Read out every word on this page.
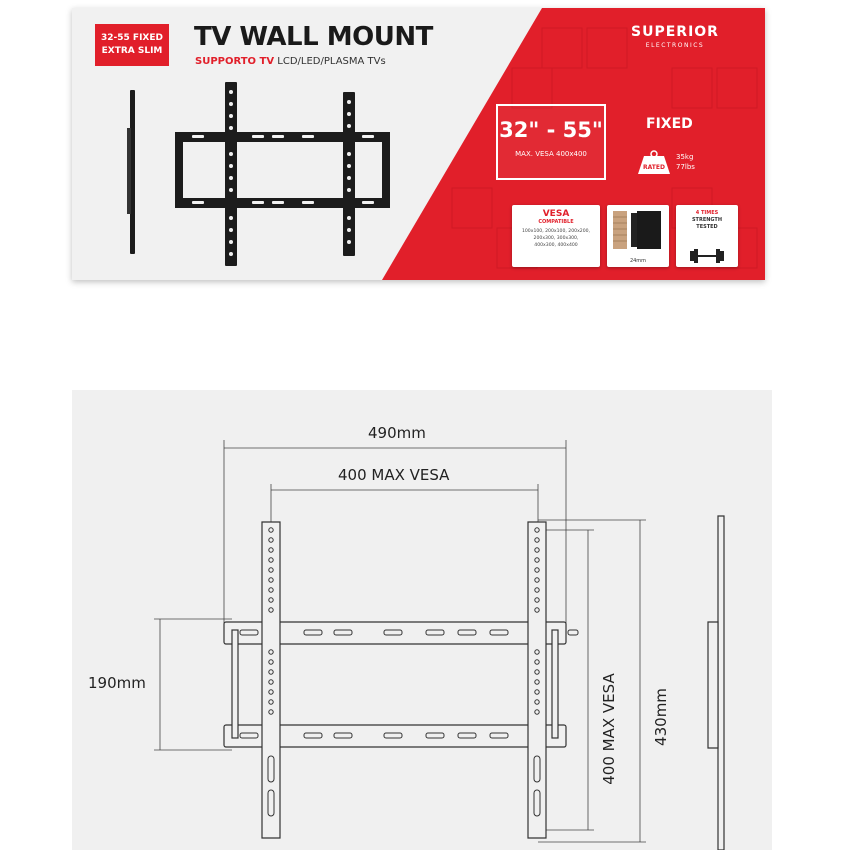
32-55 FIXED
EXTRA SLIM TV WALL MOUNT
SUPPORTO TV LCD/LED/PLASMA TVs
SUPERIOR
ELECTRONICS
32" - 55"
MAX. VESA 400x400
FIXED
RATED
35kg
77lbs
VESA
COMPATIBLE
100x100, 200x100, 200x200,
200x300, 300x300,
400x300, 400x400
24mm
4 TIMES
STRENGTH
TESTED
490mm
400 MAX VESA
190mm	400 MAX VESA 430mm
